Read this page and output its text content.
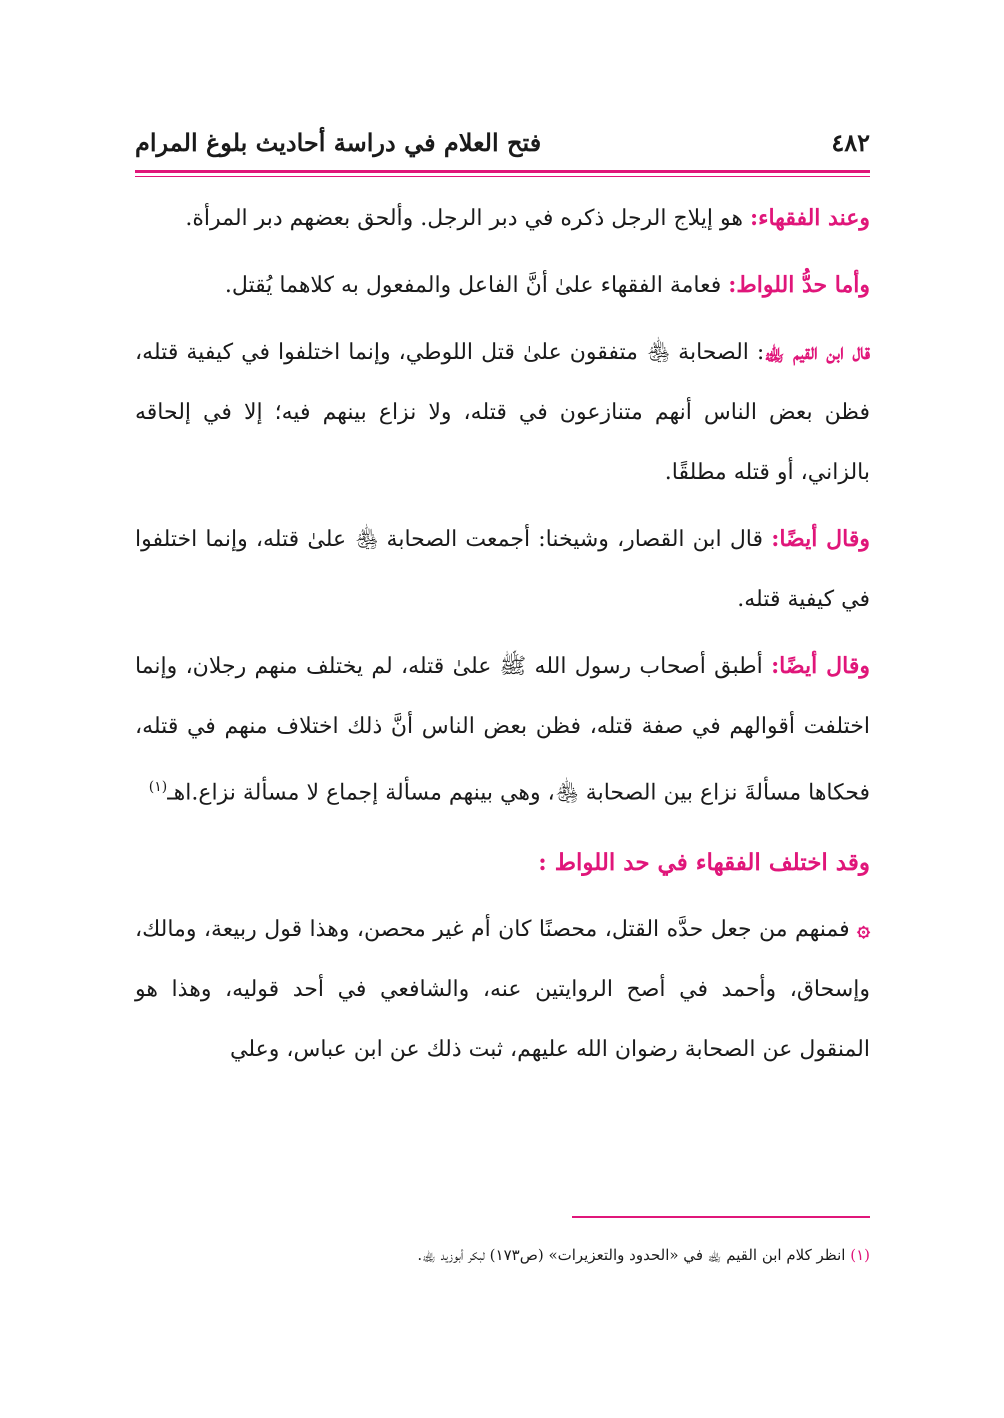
٤٨٢
فتح العلام في دراسة أحاديث بلوغ المرام

وعند الفقهاء: هو إيلاج الرجل ذكره في دبر الرجل. وألحق بعضهم دبر المرأة.

وأما حدُّ اللواط: فعامة الفقهاء علىٰ أنَّ الفاعل والمفعول به كلاهما يُقتل.

قال ابن القيم ﵀: الصحابة ﵃ متفقون علىٰ قتل اللوطي، وإنما اختلفوا في كيفية قتله، فظن بعض الناس أنهم متنازعون في قتله، ولا نزاع بينهم فيه؛ إلا في إلحاقه بالزاني، أو قتله مطلقًا.

وقال أيضًا: قال ابن القصار، وشيخنا: أجمعت الصحابة ﵃ علىٰ قتله، وإنما اختلفوا في كيفية قتله.

وقال أيضًا: أطبق أصحاب رسول الله ﷺ علىٰ قتله، لم يختلف منهم رجلان، وإنما اختلفت أقوالهم في صفة قتله، فظن بعض الناس أنَّ ذلك اختلاف منهم في قتله، فحكاها مسألةَ نزاع بين الصحابة ﵃، وهي بينهم مسألة إجماع لا مسألة نزاع.اهـ$^{(١)}$

وقد اختلف الفقهاء في حد اللواط :

۞ فمنهم من جعل حدَّه القتل، محصنًا كان أم غير محصن، وهذا قول ربيعة، ومالك، وإسحاق، وأحمد في أصح الروايتين عنه، والشافعي في أحد قوليه، وهذا هو المنقول عن الصحابة رضوان الله عليهم، ثبت ذلك عن ابن عباس، وعلي

(١) انظر كلام ابن القيم ﵀ في «الحدود والتعزيرات» (ص١٧٣) لبكر أبوزيد ﵀.
